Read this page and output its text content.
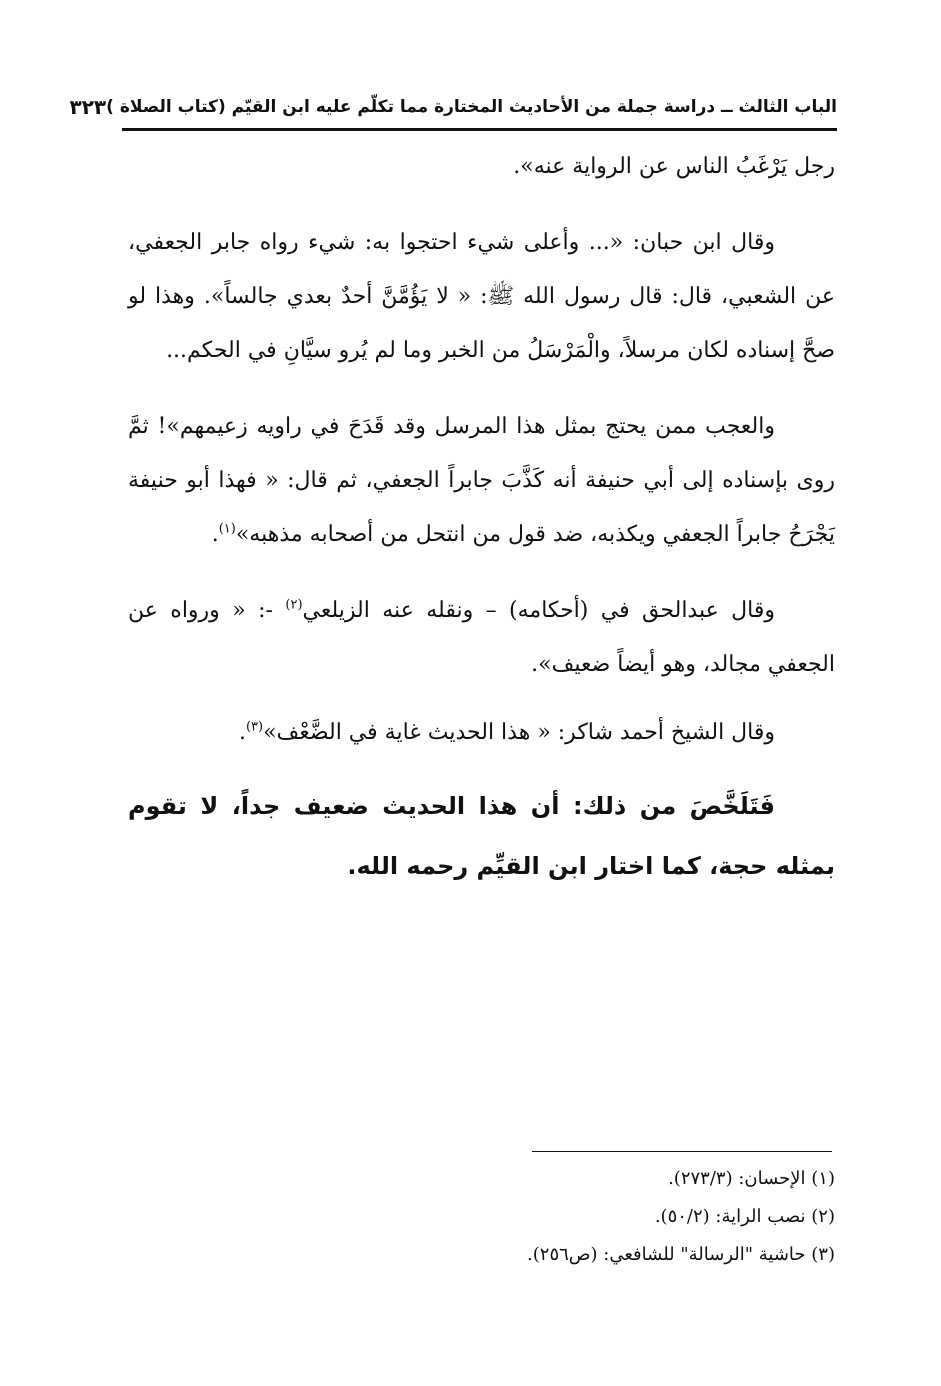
الباب الثالث ــ دراسة جملة من الأحاديث المختارة مما تكلّم عليه ابن القيّم (كتاب الصلاة )
٣٢٣

رجل يَرْغَبُ الناس عن الرواية عنه».

وقال ابن حبان: «... وأعلى شيء احتجوا به: شيء رواه جابر الجعفي، عن الشعبي، قال: قال رسول الله ﷺ: « لا يَؤُمَّنَّ أحدٌ بعدي جالساً». وهذا لو صحَّ إسناده لكان مرسلاً، والْمَرْسَلُ من الخبر وما لم يُرو سيَّانِ في الحكم...

والعجب ممن يحتج بمثل هذا المرسل وقد قَدَحَ في راويه زعيمهم»! ثمَّ روى بإسناده إلى أبي حنيفة أنه كَذَّبَ جابراً الجعفي، ثم قال: « فهذا أبو حنيفة يَجْرَحُ جابراً الجعفي ويكذبه، ضد قول من انتحل من أصحابه مذهبه»$^{(١)}$.

وقال عبدالحق في (أحكامه) – ونقله عنه الزيلعي$^{(٢)}$ -: « ورواه عن الجعفي مجالد، وهو أيضاً ضعيف».

وقال الشيخ أحمد شاكر: « هذا الحديث غاية في الضَّعْف»$^{(٣)}$.

فَتَلَخَّصَ من ذلك: أن هذا الحديث ضعيف جداً، لا تقوم بمثله حجة، كما اختار ابن القيِّم رحمه الله.

(١) الإحسان: (٢٧٣/٣).
(٢) نصب الراية: (٥٠/٢).
(٣) حاشية "الرسالة" للشافعي: (ص٢٥٦).
